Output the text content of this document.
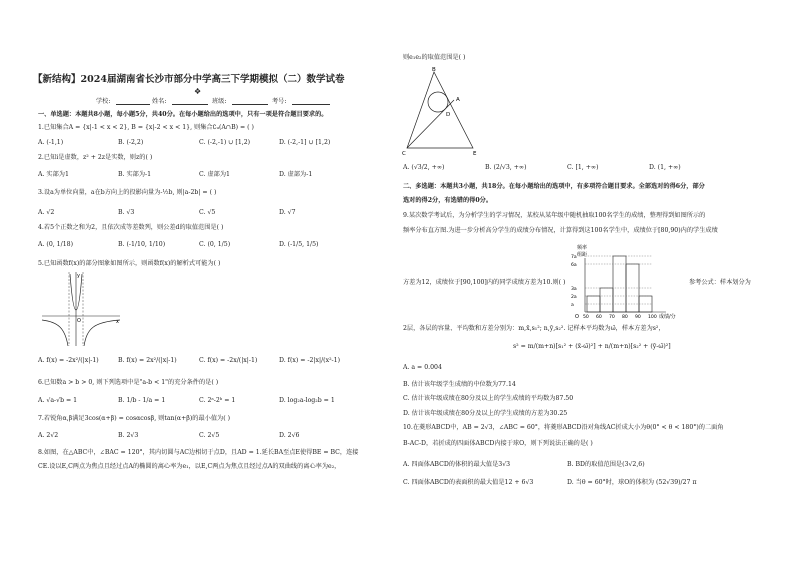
【新结构】2024届湖南省长沙市部分中学高三下学期模拟（二）数学试卷
❖
学校:	姓名:	班级:	考号:
一、单选题：本题共8小题，每小题5分，共40分。在每小题给出的选项中，只有一项是符合题目要求的。
1.已知集合A = {x|-1 < x < 2}, B = {x|-2 < x < 1}, 则集合∁ᵤ(A∩B) = ( )
A. (-1,1)	B. (-2,2)	C. (-2,-1) ∪ [1,2)	D. (-2,-1] ∪ [1,2)
2.已知i是虚数，z² + 2z是实数，则z的( )
A. 实部为1	B. 实部为-1	C. 虚部为1	D. 虚部为-1
3.设a为单位向量，a在b方向上的投影向量为-½b, 则|a-2b| = ( )
A. √2	B. √3	C. √5	D. √7
4.若5个正数之和为2，且依次成等差数列，则公差d的取值范围是( )
A. (0, 1/18)	B. (-1/10, 1/10)	C. (0, 1/5)	D. (-1/5, 1/5)
5.已知函数f(x)的部分图象如图所示，则函数f(x)的解析式可能为( )
y
x
O
A. f(x) = -2x²/(|x|-1)	B. f(x) = 2x²/(|x|-1)	C. f(x) = -2x/(|x|-1)	D. f(x) = -2|x|/(x²-1)
6.已知数a > b > 0, 则下列选项中是"a-b < 1"的充分条件的是( )
A. √a-√b = 1	B. 1/b - 1/a = 1	C. 2ᵃ-2ᵇ = 1	D. log₂a-log₂b = 1
7.若锐角α,β满足3cos(α+β) = cosαcosβ, 则tan(α+β)的最小值为( )
A. 2√2	B. 2√3	C. 2√5	D. 2√6
8.如图，在△ABC中，∠BAC = 120°，其内切圆与AC边相切于点D，且AD = 1.延长BA至点E使得BE = BC，连接
CE.设以E,C两点为焦点且经过点A的椭圆的离心率为e₁，以E,C两点为焦点且经过点A的双曲线的离心率为e₂，
则e₁e₂的取值范围是( )
B
A
D
C	E
A. (√3/2, +∞)	B. (2/√3, +∞)	C. [1, +∞)	D. (1, +∞)
二、多选题：本题共3小题，共18分。在每小题给出的选项中，有多项符合题目要求。全部选对的得6分，部分
选对的得2分，有选错的得0分。
9.某次数学考试后，为分析学生的学习情况，某校从某年级中随机抽取100名学生的成绩，整理得到如图所示的
频率分布直方图.为进一步分析高分学生的成绩分布情况，计算得到这100名学生中，成绩位于[80,90)内的学生成绩
频率
组距
成绩/分
O
7a
6a
3a
2a
a
50 60 70 80 90 100
方差为12，成绩位于[90,100]内的同学成绩方差为10.则( )	参考公式：样本划分为
2层，各层的容量、平均数和方差分别为：m,x̄,s₁²; n,ȳ,s₂². 记样本平均数为ω̄，样本方差为s²，
s² = m/(m+n)[s₁² + (x̄-ω̄)²] + n/(m+n)[s₂² + (ȳ-ω̄)²]
A. a = 0.004
B. 估计该年级学生成绩的中位数为77.14
C. 估计该年级成绩在80分及以上的学生成绩的平均数为87.50
D. 估计该年级成绩在80分及以上的学生成绩的方差为30.25
10.在菱形ABCD中，AB = 2√3，∠ABC = 60°，将菱形ABCD沿对角线AC折成大小为θ(0° < θ < 180°)的二面角
B-AC-D，若折成的四面体ABCD内接于球O，则下列说法正确的是( )
A. 四面体ABCD的体积的最大值是3√3	B. BD的取值范围是(3√2,6)
C. 四面体ABCD的表面积的最大值是12 + 6√3	D. 当θ = 60°时，球O的体积为 (52√39)/27 π
